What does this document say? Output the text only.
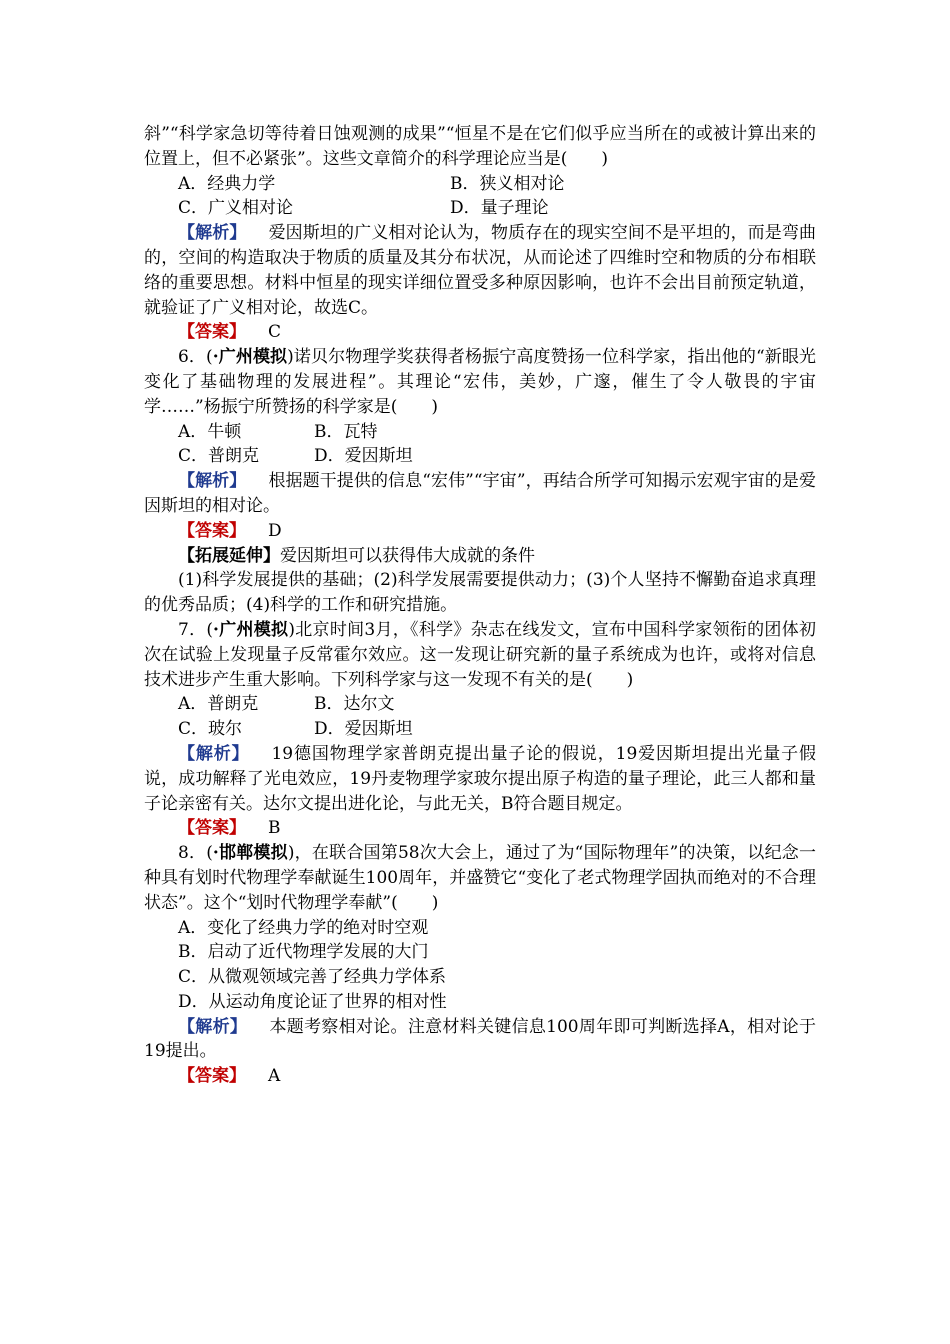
斜”“科学家急切等待着日蚀观测的成果”“恒星不是在它们似乎应当所在的或被计算出来的位置上，但不必紧张”。这些文章简介的科学理论应当是(　　)

A．经典力学	B．狭义相对论
C．广义相对论	D．量子理论

【解析】 爱因斯坦的广义相对论认为，物质存在的现实空间不是平坦的，而是弯曲的，空间的构造取决于物质的质量及其分布状况，从而论述了四维时空和物质的分布相联络的重要思想。材料中恒星的现实详细位置受多种原因影响，也许不会出目前预定轨道，就验证了广义相对论，故选C。

【答案】 C

6．(·广州模拟)诺贝尔物理学奖获得者杨振宁高度赞扬一位科学家，指出他的“新眼光变化了基础物理的发展进程”。其理论“宏伟，美妙，广邃，催生了令人敬畏的宇宙学……”杨振宁所赞扬的科学家是(　　)

A．牛顿	B．瓦特
C．普朗克	D．爱因斯坦

【解析】 根据题干提供的信息“宏伟”“宇宙”，再结合所学可知揭示宏观宇宙的是爱因斯坦的相对论。

【答案】 D

【拓展延伸】爱因斯坦可以获得伟大成就的条件

(1)科学发展提供的基础；(2)科学发展需要提供动力；(3)个人坚持不懈勤奋追求真理的优秀品质；(4)科学的工作和研究措施。

7．(·广州模拟)北京时间3月，《科学》杂志在线发文，宣布中国科学家领衔的团体初次在试验上发现量子反常霍尔效应。这一发现让研究新的量子系统成为也许，或将对信息技术进步产生重大影响。下列科学家与这一发现不有关的是(　　)

A．普朗克	B．达尔文
C．玻尔	D．爱因斯坦

【解析】 19德国物理学家普朗克提出量子论的假说，19爱因斯坦提出光量子假说，成功解释了光电效应，19丹麦物理学家玻尔提出原子构造的量子理论，此三人都和量子论亲密有关。达尔文提出进化论，与此无关，B符合题目规定。

【答案】 B

8．(·邯郸模拟)，在联合国第58次大会上，通过了为“国际物理年”的决策，以纪念一种具有划时代物理学奉献诞生100周年，并盛赞它“变化了老式物理学固执而绝对的不合理状态”。这个“划时代物理学奉献”(　　)

A．变化了经典力学的绝对时空观

B．启动了近代物理学发展的大门

C．从微观领域完善了经典力学体系

D．从运动角度论证了世界的相对性

【解析】 本题考察相对论。注意材料关键信息100周年即可判断选择A，相对论于19提出。

【答案】 A
